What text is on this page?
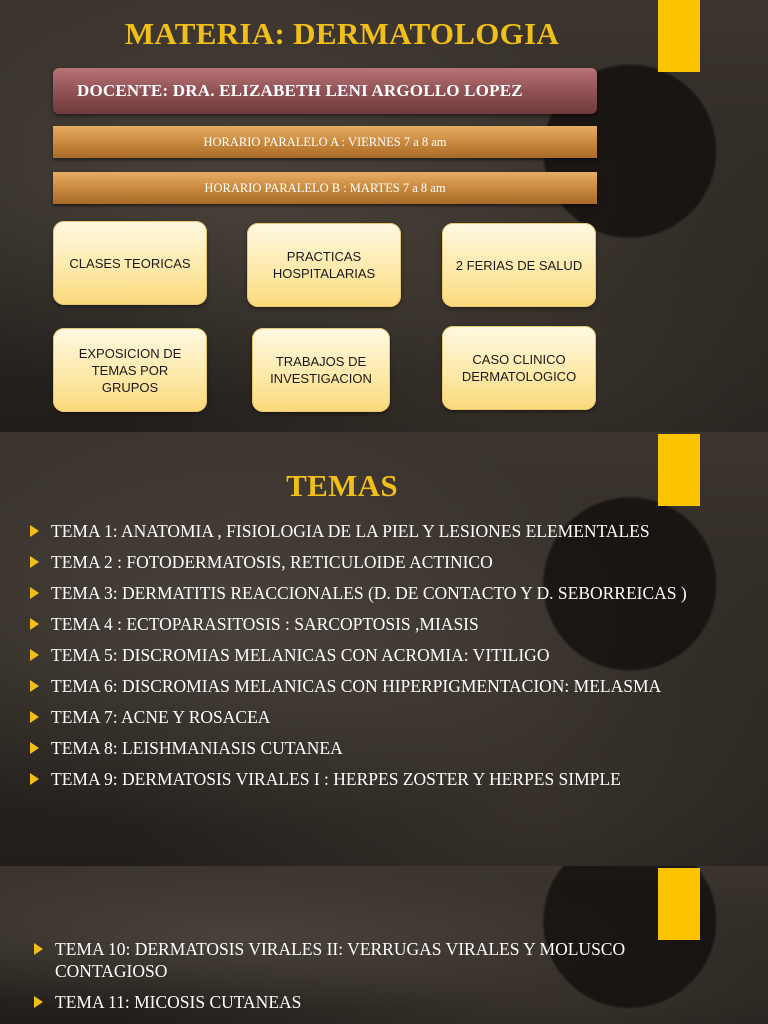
MATERIA: DERMATOLOGIA
DOCENTE: DRA. ELIZABETH LENI ARGOLLO LOPEZ
HORARIO PARALELO A : VIERNES 7 a 8 am
HORARIO PARALELO B : MARTES 7 a 8 am
CLASES TEORICAS	PRACTICAS HOSPITALARIAS
2 FERIAS DE SALUD
EXPOSICION DE TEMAS POR GRUPOS
TRABAJOS DE INVESTIGACION
CASO CLINICO DERMATOLOGICO
TEMAS
TEMA 1: ANATOMIA , FISIOLOGIA DE LA PIEL Y LESIONES ELEMENTALES
TEMA 2 : FOTODERMATOSIS, RETICULOIDE ACTINICO
TEMA 3: DERMATITIS REACCIONALES (D. DE CONTACTO Y D. SEBORREICAS )
TEMA 4 : ECTOPARASITOSIS : SARCOPTOSIS ,MIASIS
TEMA 5: DISCROMIAS MELANICAS CON ACROMIA: VITILIGO
TEMA 6: DISCROMIAS MELANICAS CON HIPERPIGMENTACION: MELASMA
TEMA 7: ACNE Y ROSACEA
TEMA 8: LEISHMANIASIS CUTANEA
TEMA 9: DERMATOSIS VIRALES I : HERPES ZOSTER Y HERPES SIMPLE
TEMA 10: DERMATOSIS VIRALES II: VERRUGAS VIRALES Y MOLUSCO CONTAGIOSO
TEMA 11: MICOSIS CUTANEAS
